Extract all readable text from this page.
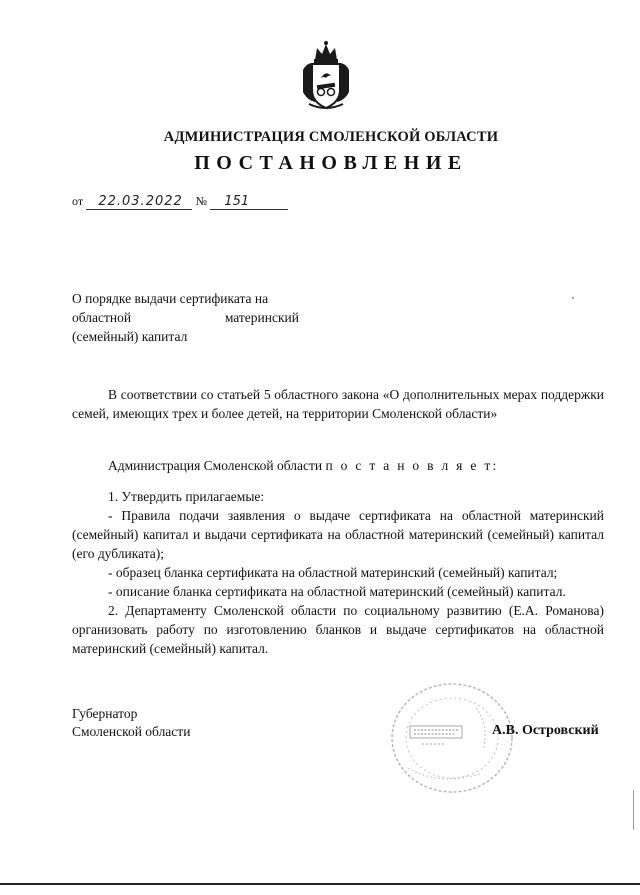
АДМИНИСТРАЦИЯ СМОЛЕНСКОЙ ОБЛАСТИ
ПОСТАНОВЛЕНИЕ
от 22.03.2022 № 151
О порядке выдачи сертификата на
областной	материнский
(семейный) капитал
В соответствии со статьей 5 областного закона «О дополнительных мерах поддержки семей, имеющих трех и более детей, на территории Смоленской области»
Администрация Смоленской области п о с т а н о в л я е т:
1. Утвердить прилагаемые:
- Правила подачи заявления о выдаче сертификата на областной материнский (семейный) капитал и выдачи сертификата на областной материнский (семейный) капитал (его дубликата);
- образец бланка сертификата на областной материнский (семейный) капитал;
- описание бланка сертификата на областной материнский (семейный) капитал.
2. Департаменту Смоленской области по социальному развитию (Е.А. Романова) организовать работу по изготовлению бланков и выдаче сертификатов на областной материнский (семейный) капитал.
Губернатор
Смоленской области	А.В. Островский
